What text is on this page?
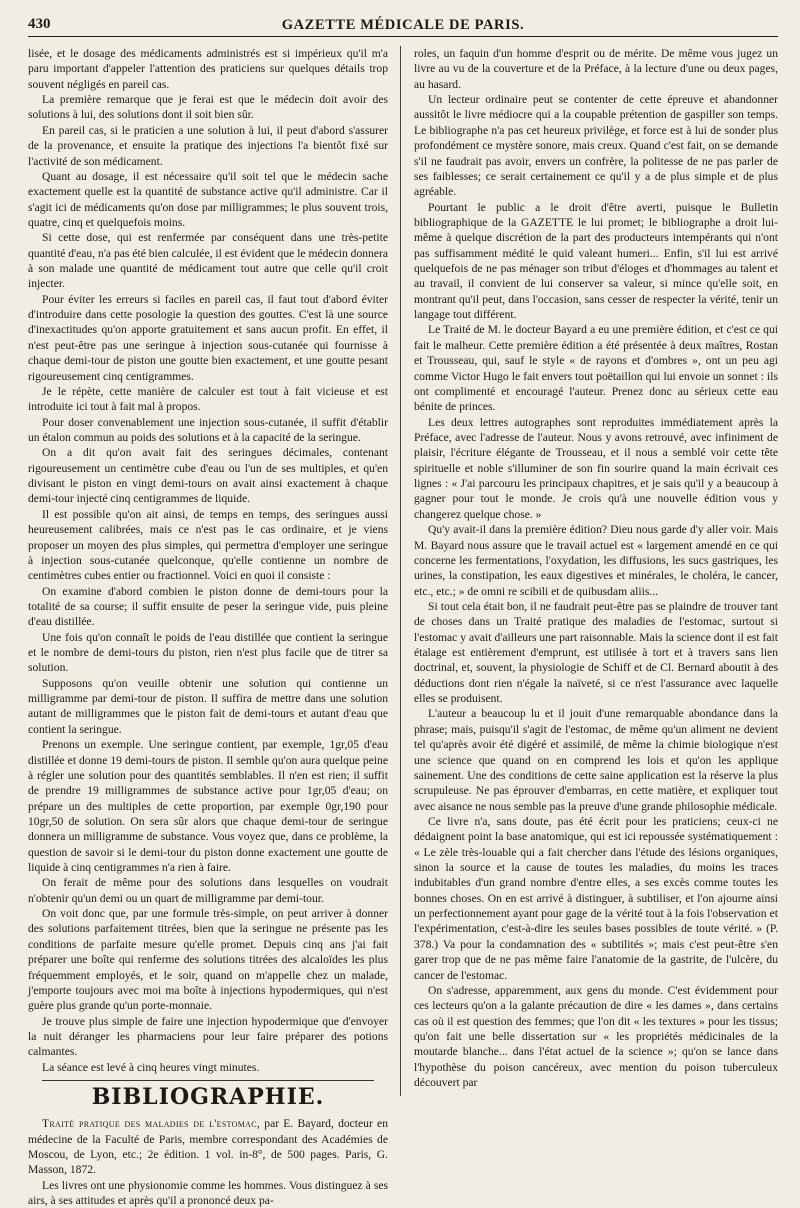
430	GAZETTE MÉDICALE DE PARIS.

lisée, et le dosage des médicaments administrés est si impérieux qu'il m'a paru important d'appeler l'attention des praticiens sur quelques détails trop souvent négligés en pareil cas.

La première remarque que je ferai est que le médecin doit avoir des solutions à lui, des solutions dont il soit bien sûr.

En pareil cas, si le praticien a une solution à lui, il peut d'abord s'assurer de la provenance, et ensuite la pratique des injections l'a bientôt fixé sur l'activité de son médicament.

Quant au dosage, il est nécessaire qu'il soit tel que le médecin sache exactement quelle est la quantité de substance active qu'il administre. Car il s'agit ici de médicaments qu'on dose par milligrammes; le plus souvent trois, quatre, cinq et quelquefois moins.

Si cette dose, qui est renfermée par conséquent dans une très-petite quantité d'eau, n'a pas été bien calculée, il est évident que le médecin donnera à son malade une quantité de médicament tout autre que celle qu'il croit injecter.

Pour éviter les erreurs si faciles en pareil cas, il faut tout d'abord éviter d'introduire dans cette posologie la question des gouttes. C'est là une source d'inexactitudes qu'on apporte gratuitement et sans aucun profit. En effet, il n'est peut-être pas une seringue à injection sous-cutanée qui fournisse à chaque demi-tour de piston une goutte bien exactement, et une goutte pesant rigoureusement cinq centigrammes.

Je le répète, cette manière de calculer est tout à fait vicieuse et est introduite ici tout à fait mal à propos.

Pour doser convenablement une injection sous-cutanée, il suffit d'établir un étalon commun au poids des solutions et à la capacité de la seringue.

On a dit qu'on avait fait des seringues décimales, contenant rigoureusement un centimètre cube d'eau ou l'un de ses multiples, et qu'en divisant le piston en vingt demi-tours on avait ainsi exactement à chaque demi-tour injecté cinq centigrammes de liquide.

Il est possible qu'on ait ainsi, de temps en temps, des seringues aussi heureusement calibrées, mais ce n'est pas le cas ordinaire, et je viens proposer un moyen des plus simples, qui permettra d'employer une seringue à injection sous-cutanée quelconque, qu'elle contienne un nombre de centimètres cubes entier ou fractionnel. Voici en quoi il consiste :

On examine d'abord combien le piston donne de demi-tours pour la totalité de sa course; il suffit ensuite de peser la seringue vide, puis pleine d'eau distillée.

Une fois qu'on connaît le poids de l'eau distillée que contient la seringue et le nombre de demi-tours du piston, rien n'est plus facile que de titrer sa solution.

Supposons qu'on veuille obtenir une solution qui contienne un milligramme par demi-tour de piston. Il suffira de mettre dans une solution autant de milligrammes que le piston fait de demi-tours et autant d'eau que contient la seringue.

Prenons un exemple. Une seringue contient, par exemple, 1gr,05 d'eau distillée et donne 19 demi-tours de piston. Il semble qu'on aura quelque peine à régler une solution pour des quantités semblables. Il n'en est rien; il suffit de prendre 19 milligrammes de substance active pour 1gr,05 d'eau; on prépare un des multiples de cette proportion, par exemple 0gr,190 pour 10gr,50 de solution. On sera sûr alors que chaque demi-tour de seringue donnera un milligramme de substance. Vous voyez que, dans ce problème, la question de savoir si le demi-tour du piston donne exactement une goutte de liquide à cinq centigrammes n'a rien à faire.

On ferait de même pour des solutions dans lesquelles on voudrait n'obtenir qu'un demi ou un quart de milligramme par demi-tour.

On voit donc que, par une formule très-simple, on peut arriver à donner des solutions parfaitement titrées, bien que la seringue ne présente pas les conditions de parfaite mesure qu'elle promet. Depuis cinq ans j'ai fait préparer une boîte qui renferme des solutions titrées des alcaloïdes les plus fréquemment employés, et le soir, quand on m'appelle chez un malade, j'emporte toujours avec moi ma boîte à injections hypodermiques, qui n'est guère plus grande qu'un porte-monnaie.

Je trouve plus simple de faire une injection hypodermique que d'envoyer la nuit déranger les pharmaciens pour leur faire préparer des potions calmantes.

La séance est levé à cinq heures vingt minutes.

BIBLIOGRAPHIE.

Traité pratique des maladies de l'estomac, par E. Bayard, docteur en médecine de la Faculté de Paris, membre correspondant des Académies de Moscou, de Lyon, etc.; 2e édition. 1 vol. in-8°, de 500 pages. Paris, G. Masson, 1872.

Les livres ont une physionomie comme les hommes. Vous distinguez à ses airs, à ses attitudes et après qu'il a prononcé deux pa-

roles, un faquin d'un homme d'esprit ou de mérite. De même vous jugez un livre au vu de la couverture et de la Préface, à la lecture d'une ou deux pages, au hasard.

Un lecteur ordinaire peut se contenter de cette épreuve et abandonner aussitôt le livre médiocre qui a la coupable prétention de gaspiller son temps. Le bibliographe n'a pas cet heureux privilège, et force est à lui de sonder plus profondément ce mystère sonore, mais creux. Quand c'est fait, on se demande s'il ne faudrait pas avoir, envers un confrère, la politesse de ne pas parler de ses faiblesses; ce serait certainement ce qu'il y a de plus simple et de plus agréable.

Pourtant le public a le droit d'être averti, puisque le Bulletin bibliographique de la GAZETTE le lui promet; le bibliographe a droit lui-même à quelque discrétion de la part des producteurs intempérants qui n'ont pas suffisamment médité le quid valeant humeri... Enfin, s'il lui est arrivé quelquefois de ne pas ménager son tribut d'éloges et d'hommages au talent et au travail, il convient de lui conserver sa valeur, si mince qu'elle soit, en montrant qu'il peut, dans l'occasion, sans cesser de respecter la vérité, tenir un langage tout différent.

Le Traité de M. le docteur Bayard a eu une première édition, et c'est ce qui fait le malheur. Cette première édition a été présentée à deux maîtres, Rostan et Trousseau, qui, sauf le style « de rayons et d'ombres », ont un peu agi comme Victor Hugo le fait envers tout poëtaillon qui lui envoie un sonnet : ils ont complimenté et encouragé l'auteur. Prenez donc au sérieux cette eau bénite de princes.

Les deux lettres autographes sont reproduites immédiatement après la Préface, avec l'adresse de l'auteur. Nous y avons retrouvé, avec infiniment de plaisir, l'écriture élégante de Trousseau, et il nous a semblé voir cette tête spirituelle et noble s'illuminer de son fin sourire quand la main écrivait ces lignes : « J'ai parcouru les principaux chapitres, et je sais qu'il y a beaucoup à gagner pour tout le monde. Je crois qu'à une nouvelle édition vous y changerez quelque chose. »

Qu'y avait-il dans la première édition? Dieu nous garde d'y aller voir. Mais M. Bayard nous assure que le travail actuel est « largement amendé en ce qui concerne les fermentations, l'oxydation, les diffusions, les sucs gastriques, les urines, la constipation, les eaux digestives et minérales, le choléra, le cancer, etc., etc.; » de omni re scibili et de quibusdam aliis...

Si tout cela était bon, il ne faudrait peut-être pas se plaindre de trouver tant de choses dans un Traité pratique des maladies de l'estomac, surtout si l'estomac y avait d'ailleurs une part raisonnable. Mais la science dont il est fait étalage est entièrement d'emprunt, est utilisée à tort et à travers sans lien doctrinal, et, souvent, la physiologie de Schiff et de Cl. Bernard aboutit à des déductions dont rien n'égale la naïveté, si ce n'est l'assurance avec laquelle elles se produisent.

L'auteur a beaucoup lu et il jouit d'une remarquable abondance dans la phrase; mais, puisqu'il s'agit de l'estomac, de même qu'un aliment ne devient tel qu'après avoir été digéré et assimilé, de même la chimie biologique n'est une science que quand on en comprend les lois et qu'on les applique sainement. Une des conditions de cette saine application est la réserve la plus scrupuleuse. Ne pas éprouver d'embarras, en cette matière, et expliquer tout avec aisance ne nous semble pas la preuve d'une grande philosophie médicale.

Ce livre n'a, sans doute, pas été écrit pour les praticiens; ceux-ci ne dédaignent point la base anatomique, qui est ici repoussée systématiquement : « Le zèle très-louable qui a fait chercher dans l'étude des lésions organiques, sinon la source et la cause de toutes les maladies, du moins les traces indubitables d'un grand nombre d'entre elles, a ses excès comme toutes les bonnes choses. On en est arrivé à distinguer, à subtiliser, et l'on ajourne ainsi un perfectionnement ayant pour gage de la vérité tout à la fois l'observation et l'expérimentation, c'est-à-dire les seules bases possibles de toute vérité. » (P. 378.) Va pour la condamnation des « subtilités »; mais c'est peut-être s'en garer trop que de ne pas même faire l'anatomie de la gastrite, de l'ulcère, du cancer de l'estomac.

On s'adresse, apparemment, aux gens du monde. C'est évidemment pour ces lecteurs qu'on a la galante précaution de dire « les dames », dans certains cas où il est question des femmes; que l'on dit « les textures » pour les tissus; qu'on fait une belle dissertation sur « les propriétés médicinales de la moutarde blanche... dans l'état actuel de la science »; qu'on se lance dans l'hypothèse du poison cancéreux, avec mention du poison tuberculeux découvert par
